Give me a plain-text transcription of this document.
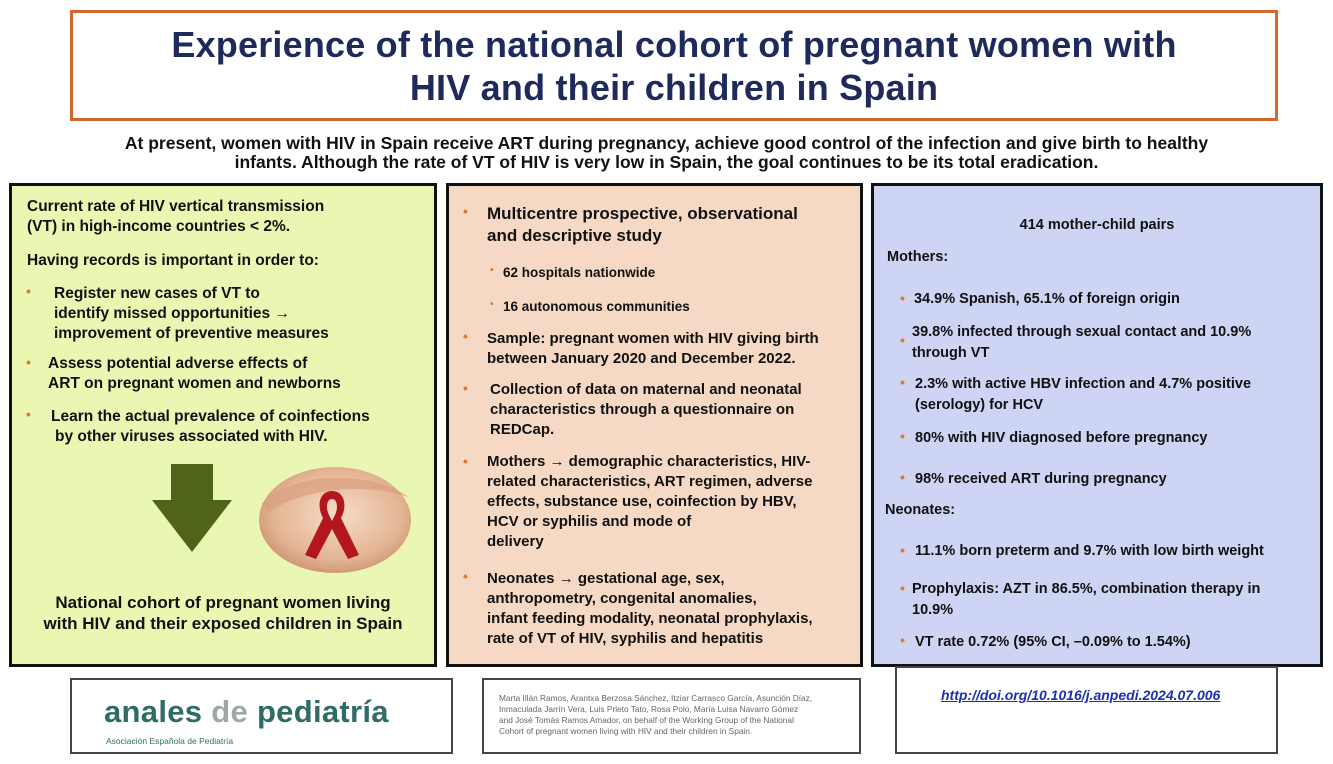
Experience of the national cohort of pregnant women with
HIV and their children in Spain
At present, women with HIV in Spain receive ART during pregnancy, achieve good control of the infection and give birth to healthy
infants. Although the rate of VT of HIV is very low in Spain, the goal continues to be its total eradication.
Current rate of HIV vertical transmission
(VT) in high-income countries < 2%.
Having records is important in order to:
• Register new cases of VT to
identify missed opportunities →
improvement of preventive measures
• Assess potential adverse effects of
ART on pregnant women and newborns
• Learn the actual prevalence of coinfections
by other viruses associated with HIV.
National cohort of pregnant women living
with HIV and their exposed children in Spain
• Multicentre prospective, observational
and descriptive study
• 62 hospitals nationwide
• 16 autonomous communities
• Sample: pregnant women with HIV giving birth
between January 2020 and December 2022.
• Collection of data on maternal and neonatal
characteristics through a questionnaire on
REDCap.
• Mothers → demographic characteristics, HIV-
related characteristics, ART regimen, adverse
effects, substance use, coinfection by HBV,
HCV or syphilis and mode of
delivery
• Neonates → gestational age, sex,
anthropometry, congenital anomalies,
infant feeding modality, neonatal prophylaxis,
rate of VT of HIV, syphilis and hepatitis
414 mother-child pairs
Mothers:
• 34.9% Spanish, 65.1% of foreign origin
• 39.8% infected through sexual contact and 10.9%
through VT
• 2.3% with active HBV infection and 4.7% positive
(serology) for HCV
• 80% with HIV diagnosed before pregnancy
• 98% received ART during pregnancy
Neonates:
• 11.1% born preterm and 9.7% with low birth weight
• Prophylaxis: AZT in 86.5%, combination therapy in
10.9%
• VT rate 0.72% (95% CI, –0.09% to 1.54%)
anales de pediatría
Asociación Española de Pediatría
Marta Illán Ramos, Arantxa Berzosa Sánchez, Itziar Carrasco García, Asunción Díaz,
Inmaculada Jarrín Vera, Luis Prieto Tato, Rosa Polo, María Luisa Navarro Gómez
and José Tomás Ramos Amador, on behalf of the Working Group of the National
Cohort of pregnant women living with HIV and their children in Spain.
http://doi.org/10.1016/j.anpedi.2024.07.006
